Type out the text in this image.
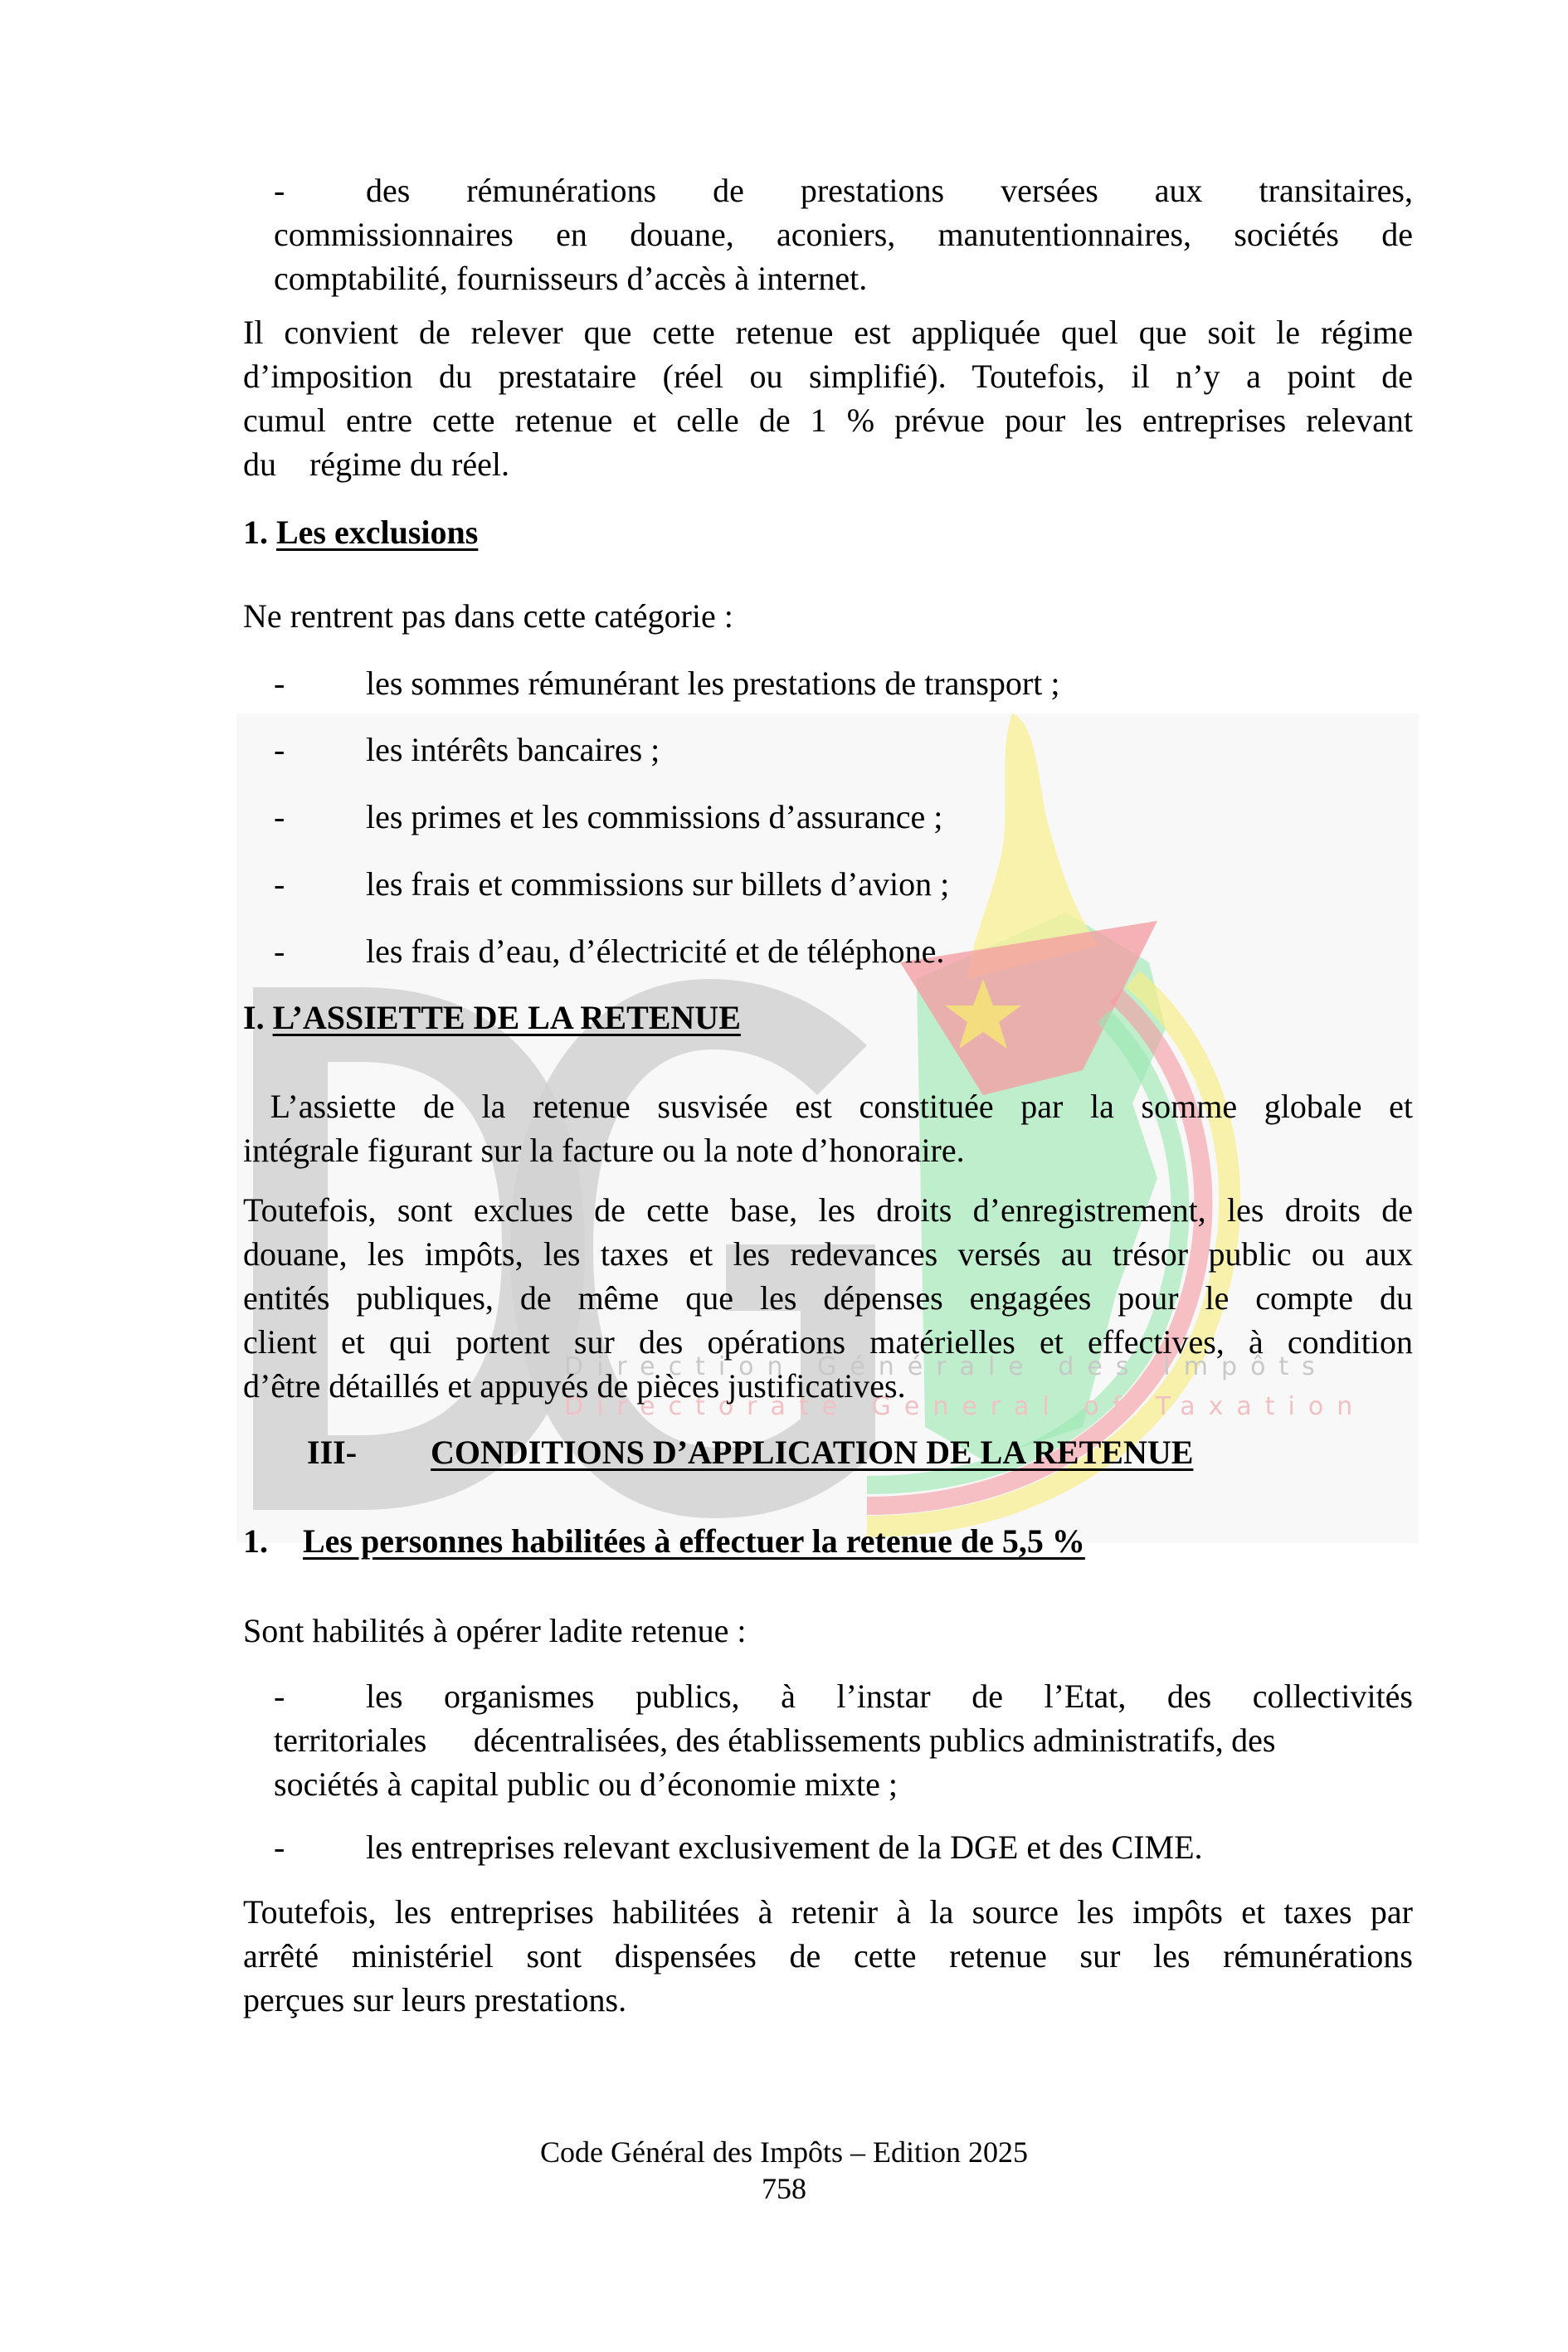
Direction Générale des Impôts
Directorate General of Taxation
- des rémunérations de prestations versées aux transitaires,
commissionnaires en douane, aconiers, manutentionnaires, sociétés de
comptabilité, fournisseurs d’accès à internet.
Il convient de relever que cette retenue est appliquée quel que soit le régime
d’imposition du prestataire (réel ou simplifié). Toutefois, il n’y a point de
cumul entre cette retenue et celle de 1 % prévue pour les entreprises relevant
du    régime du réel.
1. Les exclusions
Ne rentrent pas dans cette catégorie :
- les sommes rémunérant les prestations de transport ;
- les intérêts bancaires ;
- les primes et les commissions d’assurance ;
- les frais et commissions sur billets d’avion ;
- les frais d’eau, d’électricité et de téléphone.
I. L’ASSIETTE DE LA RETENUE
L’assiette de la retenue susvisée est constituée par la somme globale et
intégrale figurant sur la facture ou la note d’honoraire.
Toutefois, sont exclues de cette base, les droits d’enregistrement, les droits de
douane, les impôts, les taxes et les redevances versés au trésor public ou aux
entités publiques, de même que les dépenses engagées pour le compte du
client et qui portent sur des opérations matérielles et effectives, à condition
d’être détaillés et appuyés de pièces justificatives.
III- CONDITIONS D’APPLICATION DE LA RETENUE
1. Les personnes habilitées à effectuer la retenue de 5,5 %
Sont habilités à opérer ladite retenue :
- les organismes publics, à l’instar de l’Etat, des collectivités
territoriales      décentralisées, des établissements publics administratifs, des
sociétés à capital public ou d’économie mixte ;
- les entreprises relevant exclusivement de la DGE et des CIME.
Toutefois, les entreprises habilitées à retenir à la source les impôts et taxes par
arrêté ministériel sont dispensées de cette retenue sur les rémunérations
perçues sur leurs prestations.
Code Général des Impôts – Edition 2025
758
